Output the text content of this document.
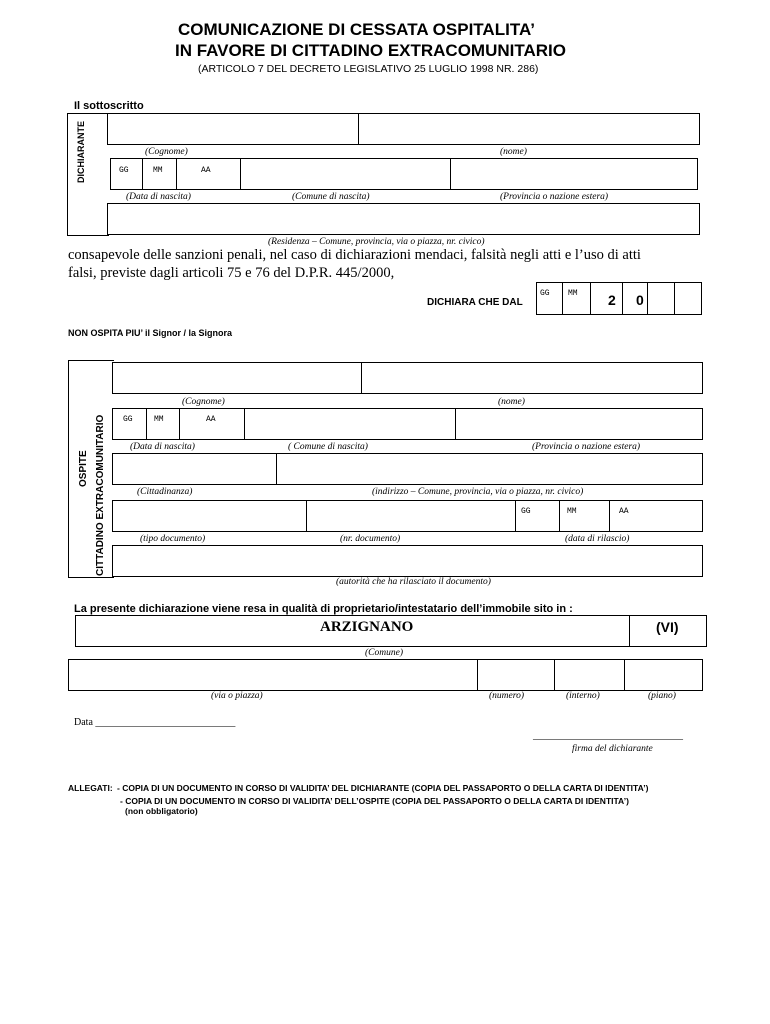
COMUNICAZIONE DI CESSATA OSPITALITA’
IN FAVORE DI CITTADINO EXTRACOMUNITARIO
(ARTICOLO 7 DEL DECRETO LEGISLATIVO 25 LUGLIO 1998 NR. 286)
Il sottoscritto
DICHIARANTE	(Cognome)	(nome)
GG	MM	AA
(Data di nascita)	(Comune di nascita)	(Provincia o nazione estera)
(Residenza – Comune, provincia, via o piazza, nr. civico)
consapevole delle sanzioni penali, nel caso di dichiarazioni mendaci, falsità negli atti e l’uso di atti
falsi, previste dagli articoli 75 e 76 del D.P.R. 445/2000,
DICHIARA CHE DAL
GG MM 2 0
NON OSPITA PIU’ il Signor / la Signora
OSPITE CITTADINO EXTRACOMUNITARIO
(Cognome)	(nome)
GG	MM	AA
(Data di nascita)	( Comune di nascita)	(Provincia o nazione estera)
(Cittadinanza)	(indirizzo – Comune, provincia, via o piazza, nr. civico)
GG	MM	AA
(tipo documento)	(nr. documento)	(data di rilascio)
(autorità che ha rilasciato il documento)
La presente dichiarazione viene resa in qualità di proprietario/intestatario dell’immobile sito in :
ARZIGNANO	(VI)
(Comune)
(via o piazza)	(numero)	(interno)	(piano)
Data ____________________________
______________________________
firma del dichiarante
ALLEGATI: - COPIA DI UN DOCUMENTO IN CORSO DI VALIDITA’ DEL DICHIARANTE (COPIA DEL PASSAPORTO O DELLA CARTA DI IDENTITA’)
- COPIA DI UN DOCUMENTO IN CORSO DI VALIDITA’ DELL’OSPITE (COPIA DEL PASSAPORTO O DELLA CARTA DI IDENTITA’)
(non obbligatorio)
